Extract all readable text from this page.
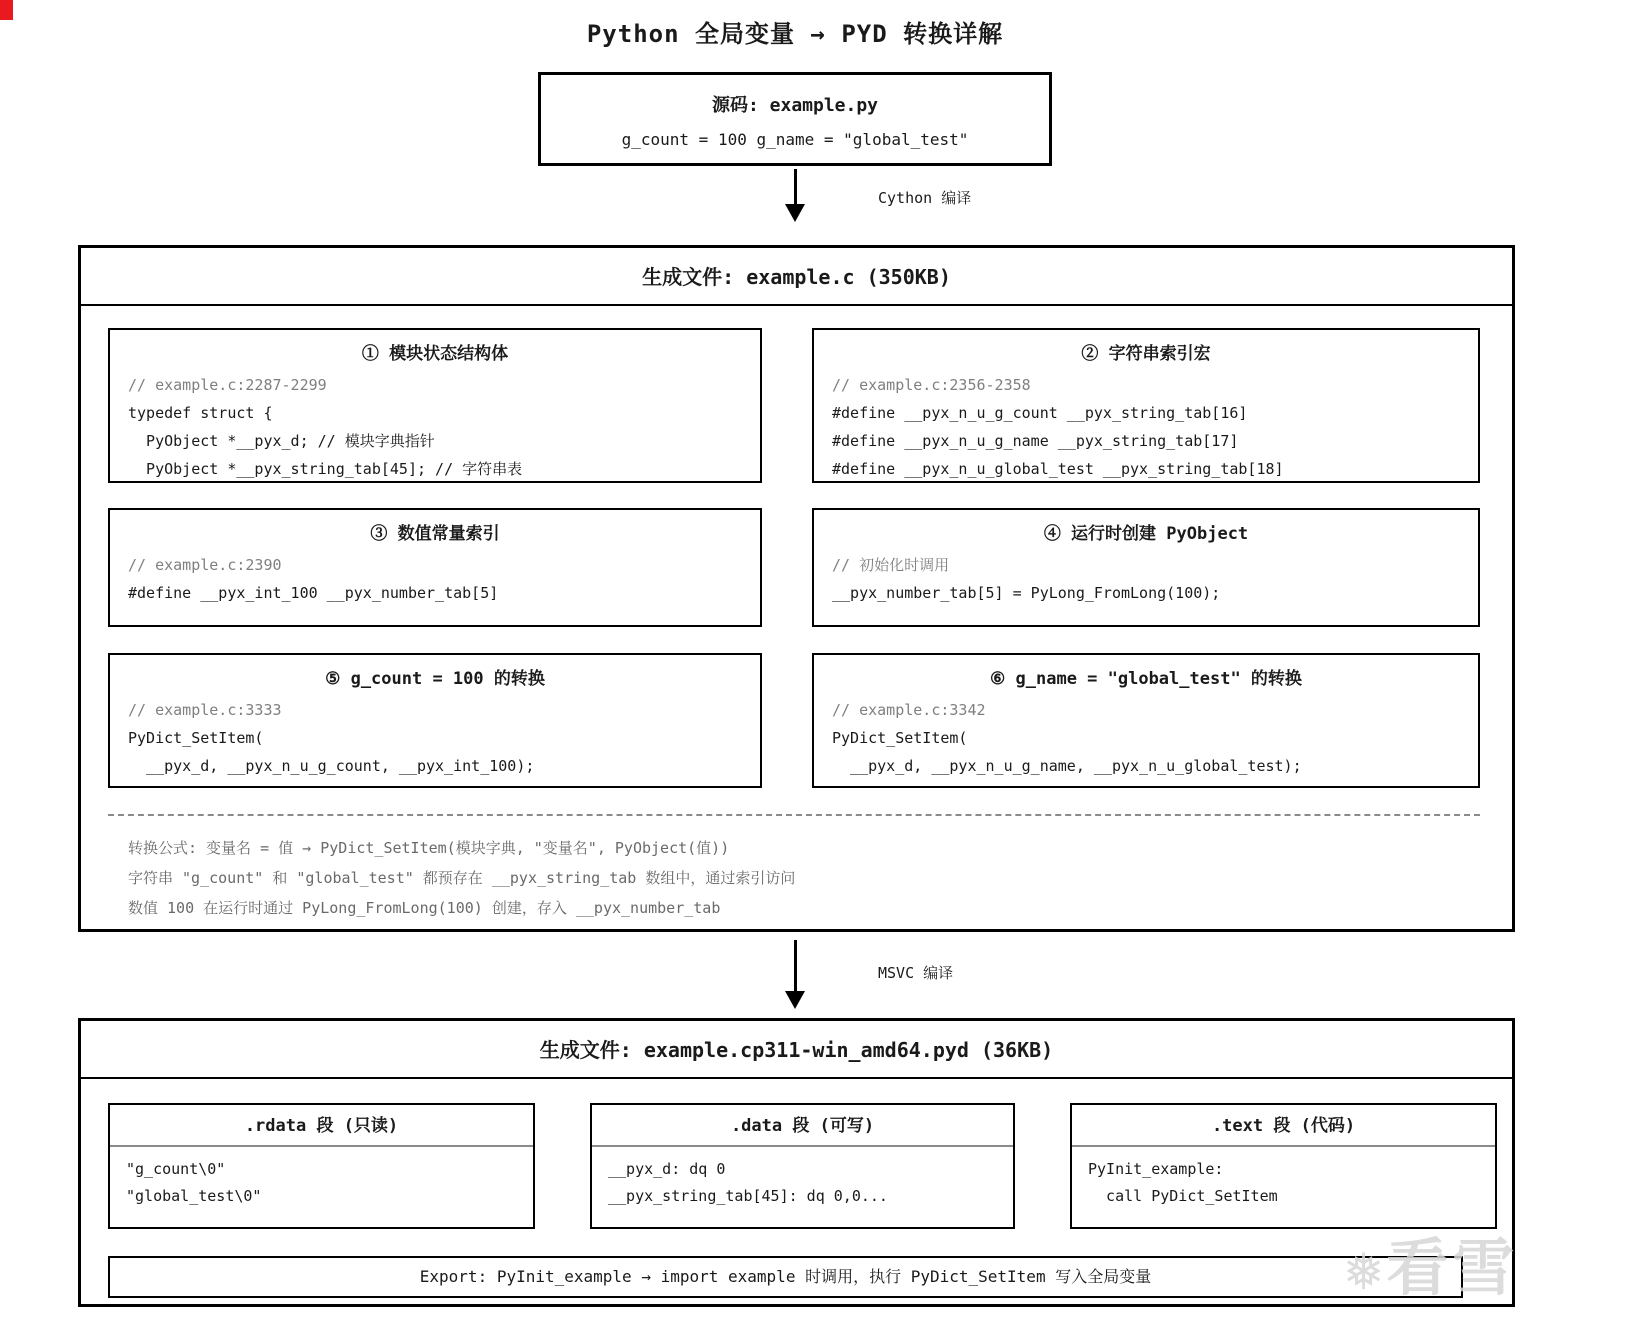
Python 全局变量 → PYD 转换详解
源码: example.py
g_count = 100 g_name = "global_test"
Cython 编译
生成文件: example.c (350KB)
① 模块状态结构体
// example.c:2287-2299
typedef struct {
PyObject *__pyx_d; // 模块字典指针
PyObject *__pyx_string_tab[45]; // 字符串表
② 字符串索引宏
// example.c:2356-2358
#define __pyx_n_u_g_count __pyx_string_tab[16]
#define __pyx_n_u_g_name __pyx_string_tab[17]
#define __pyx_n_u_global_test __pyx_string_tab[18]
③ 数值常量索引
// example.c:2390
#define __pyx_int_100 __pyx_number_tab[5]
④ 运行时创建 PyObject
// 初始化时调用
__pyx_number_tab[5] = PyLong_FromLong(100);
⑤ g_count = 100 的转换
// example.c:3333
PyDict_SetItem(
__pyx_d, __pyx_n_u_g_count, __pyx_int_100);
⑥ g_name = "global_test" 的转换
// example.c:3342
PyDict_SetItem(
__pyx_d, __pyx_n_u_g_name, __pyx_n_u_global_test);
转换公式: 变量名 = 值 → PyDict_SetItem(模块字典, "变量名", PyObject(值))
字符串 "g_count" 和 "global_test" 都预存在 __pyx_string_tab 数组中，通过索引访问
数值 100 在运行时通过 PyLong_FromLong(100) 创建，存入 __pyx_number_tab
MSVC 编译
生成文件: example.cp311-win_amd64.pyd (36KB)
.rdata 段 (只读)
"g_count\0"
"global_test\0"
.data 段 (可写)
__pyx_d: dq 0
__pyx_string_tab[45]: dq 0,0...
.text 段 (代码)
PyInit_example:
call PyDict_SetItem
Export: PyInit_example → import example 时调用，执行 PyDict_SetItem 写入全局变量	❅看雪
